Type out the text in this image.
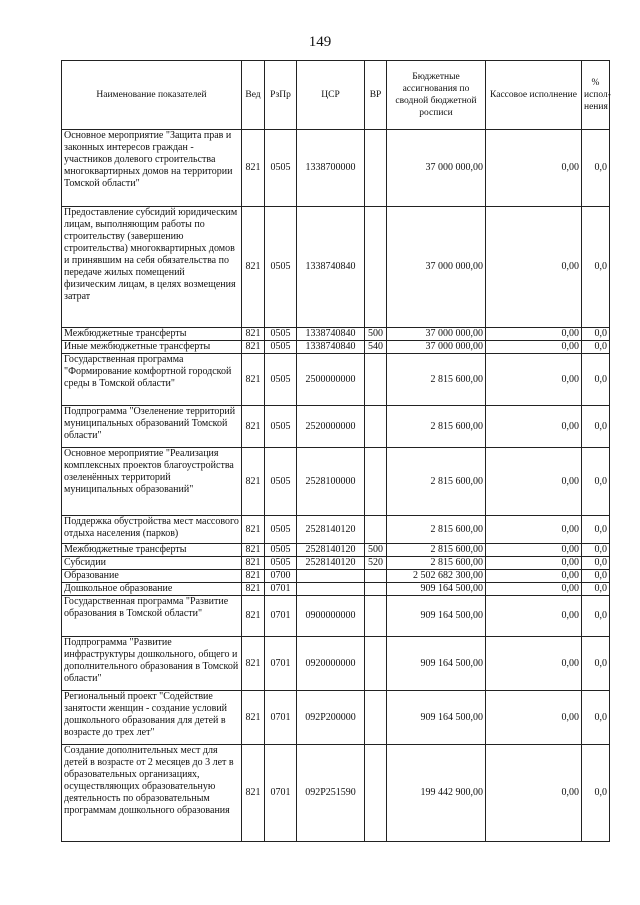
149
Наименование показателей	Вед	РзПр	ЦСР	ВР	Бюджетные ассигнования по сводной бюджетной росписи	Кассовое исполнение	% испол-нения
Основное мероприятие "Защита прав и законных интересов граждан - участников долевого строительства многоквартирных домов на территории Томской области"	821	0505	1338700000		37 000 000,00	0,00	0,0

Предоставление субсидий юридическим лицам, выполняющим работы по строительству (завершению строительства) многоквартирных домов и принявшим на себя обязательства по передаче жилых помещений физическим лицам, в целях возмещения затрат	821	0505	1338740840		37 000 000,00	0,00	0,0
Межбюджетные трансферты	821	0505	1338740840	500	37 000 000,00	0,00	0,0
Иные межбюджетные трансферты	821	0505	1338740840	540	37 000 000,00	0,00	0,0
Государственная программа "Формирование комфортной городской среды в Томской области"	821	0505	2500000000		2 815 600,00	0,00	0,0
Подпрограмма "Озеленение территорий муниципальных образований Томской области"	821	0505	2520000000		2 815 600,00	0,00	0,0
Основное мероприятие "Реализация комплексных проектов благоустройства озеленённых территорий муниципальных образований"	821	0505	2528100000		2 815 600,00	0,00	0,0
Поддержка обустройства мест массового отдыха населения (парков)	821	0505	2528140120		2 815 600,00	0,00	0,0
Межбюджетные трансферты	821	0505	2528140120	500	2 815 600,00	0,00	0,0
Субсидии	821	0505	2528140120	520	2 815 600,00	0,00	0,0
Образование	821	0700			2 502 682 300,00	0,00	0,0
Дошкольное образование	821	0701			909 164 500,00	0,00	0,0
Государственная программа "Развитие образования в Томской области"	821	0701	0900000000		909 164 500,00	0,00	0,0
Подпрограмма "Развитие инфраструктуры дошкольного, общего и дополнительного образования в Томской области"	821	0701	0920000000		909 164 500,00	0,00	0,0
Региональный проект "Содействие занятости женщин - создание условий дошкольного образования для детей в возрасте до трех лет"	821	0701	092P200000		909 164 500,00	0,00	0,0

Создание дополнительных мест для детей в возрасте от 2 месяцев до 3 лет в образовательных организациях, осуществляющих образовательную деятельность по образовательным программам дошкольного образования	821	0701	092P251590		199 442 900,00	0,00	0,0
